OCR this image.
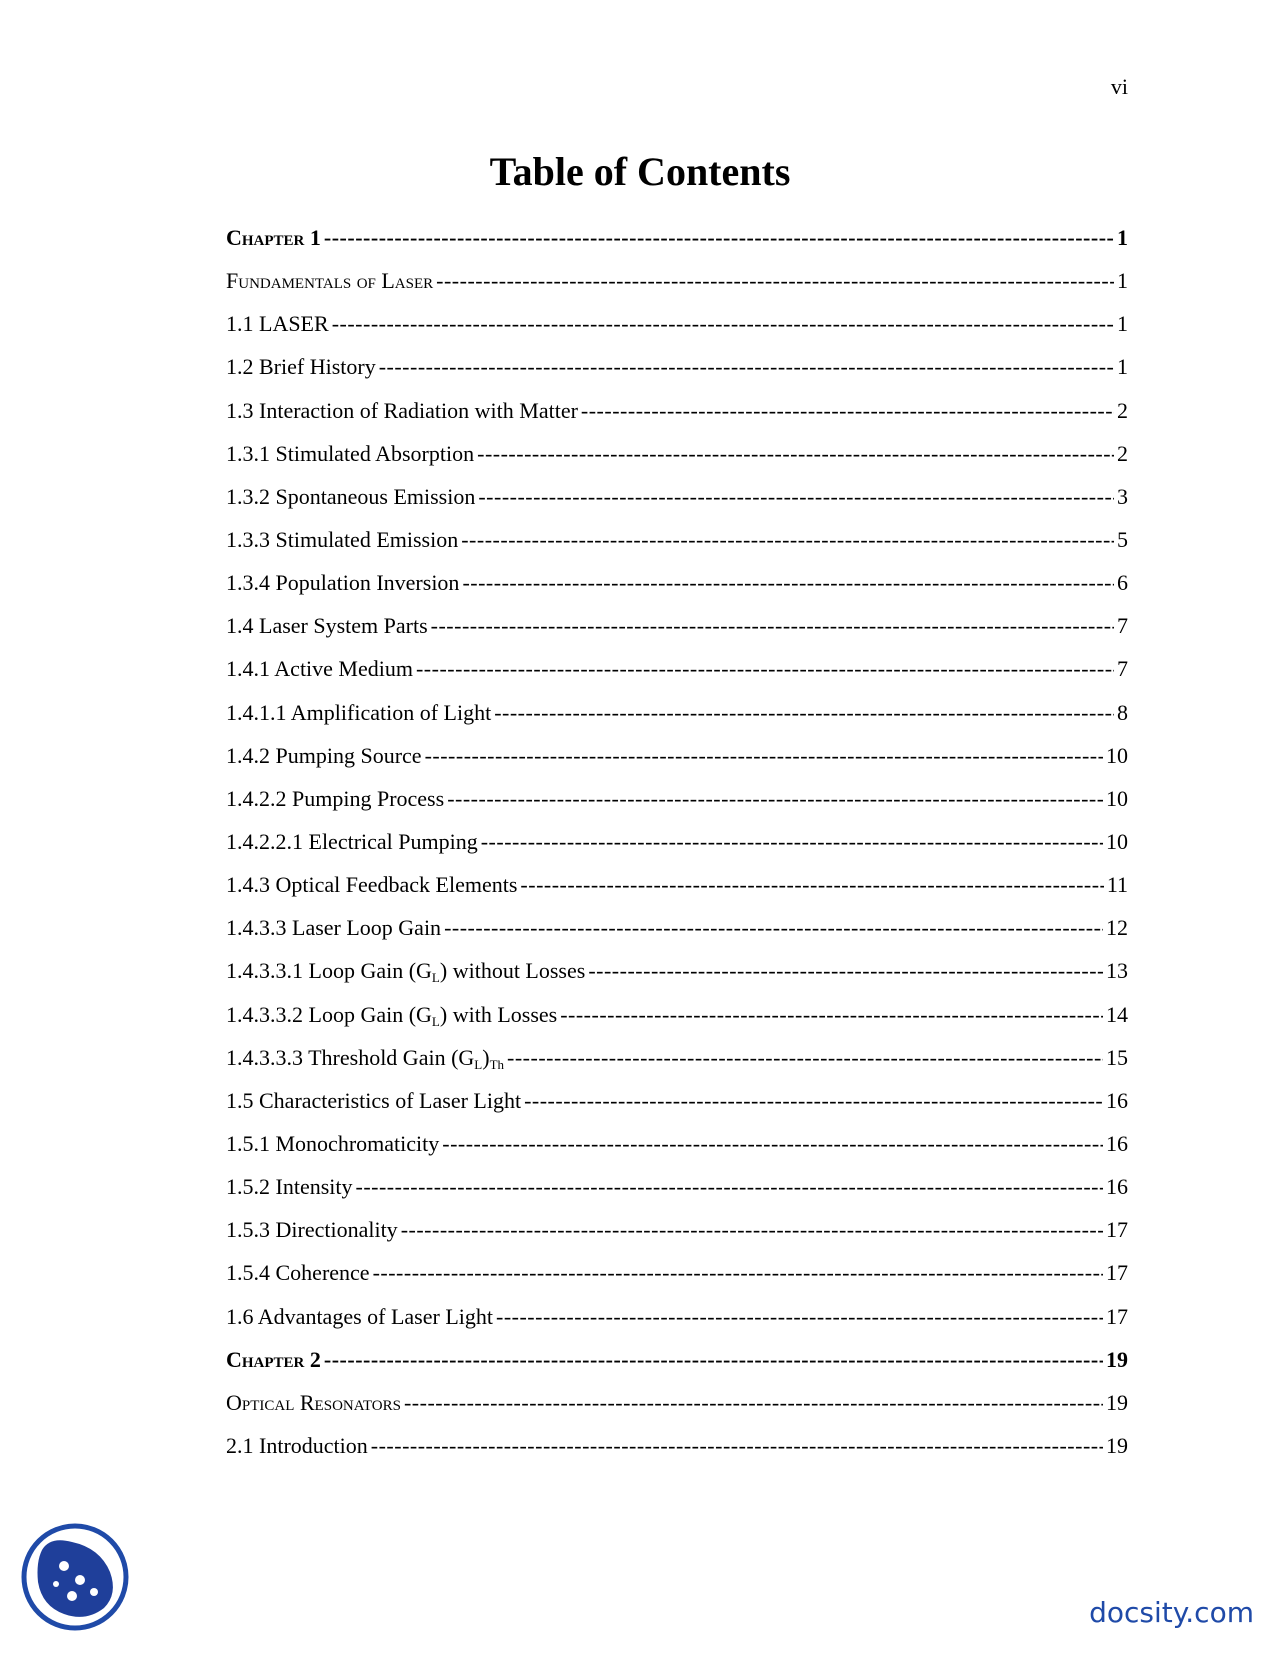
vi
Table of Contents
Chapter 1 -----	1
Fundamentals of Laser -----	1
1.1 LASER -----	1
1.2 Brief History -----	1
1.3 Interaction of Radiation with Matter -----	2
1.3.1 Stimulated Absorption -----	2
1.3.2 Spontaneous Emission -----	3
1.3.3 Stimulated Emission -----	5
1.3.4 Population Inversion -----	6
1.4 Laser System Parts -----	7
1.4.1 Active Medium -----	7
1.4.1.1 Amplification of Light -----	8
1.4.2 Pumping Source -----	10
1.4.2.2 Pumping Process -----	10
1.4.2.2.1 Electrical Pumping -----	10
1.4.3 Optical Feedback Elements -----	11
1.4.3.3 Laser Loop Gain -----	12
1.4.3.3.1 Loop Gain $(G_L)$ without Losses -----	13
1.4.3.3.2 Loop Gain $(G_L)$ with Losses -----	14
1.4.3.3.3 Threshold Gain $(G_L)_{Th}$ -----	15
1.5 Characteristics of Laser Light -----	16
1.5.1 Monochromaticity -----	16
1.5.2 Intensity -----	16
1.5.3 Directionality -----	17
1.5.4 Coherence -----	17
1.6 Advantages of Laser Light -----	17
Chapter 2 -----	19
Optical Resonators -----	19
2.1 Introduction -----	19
docsity.com
